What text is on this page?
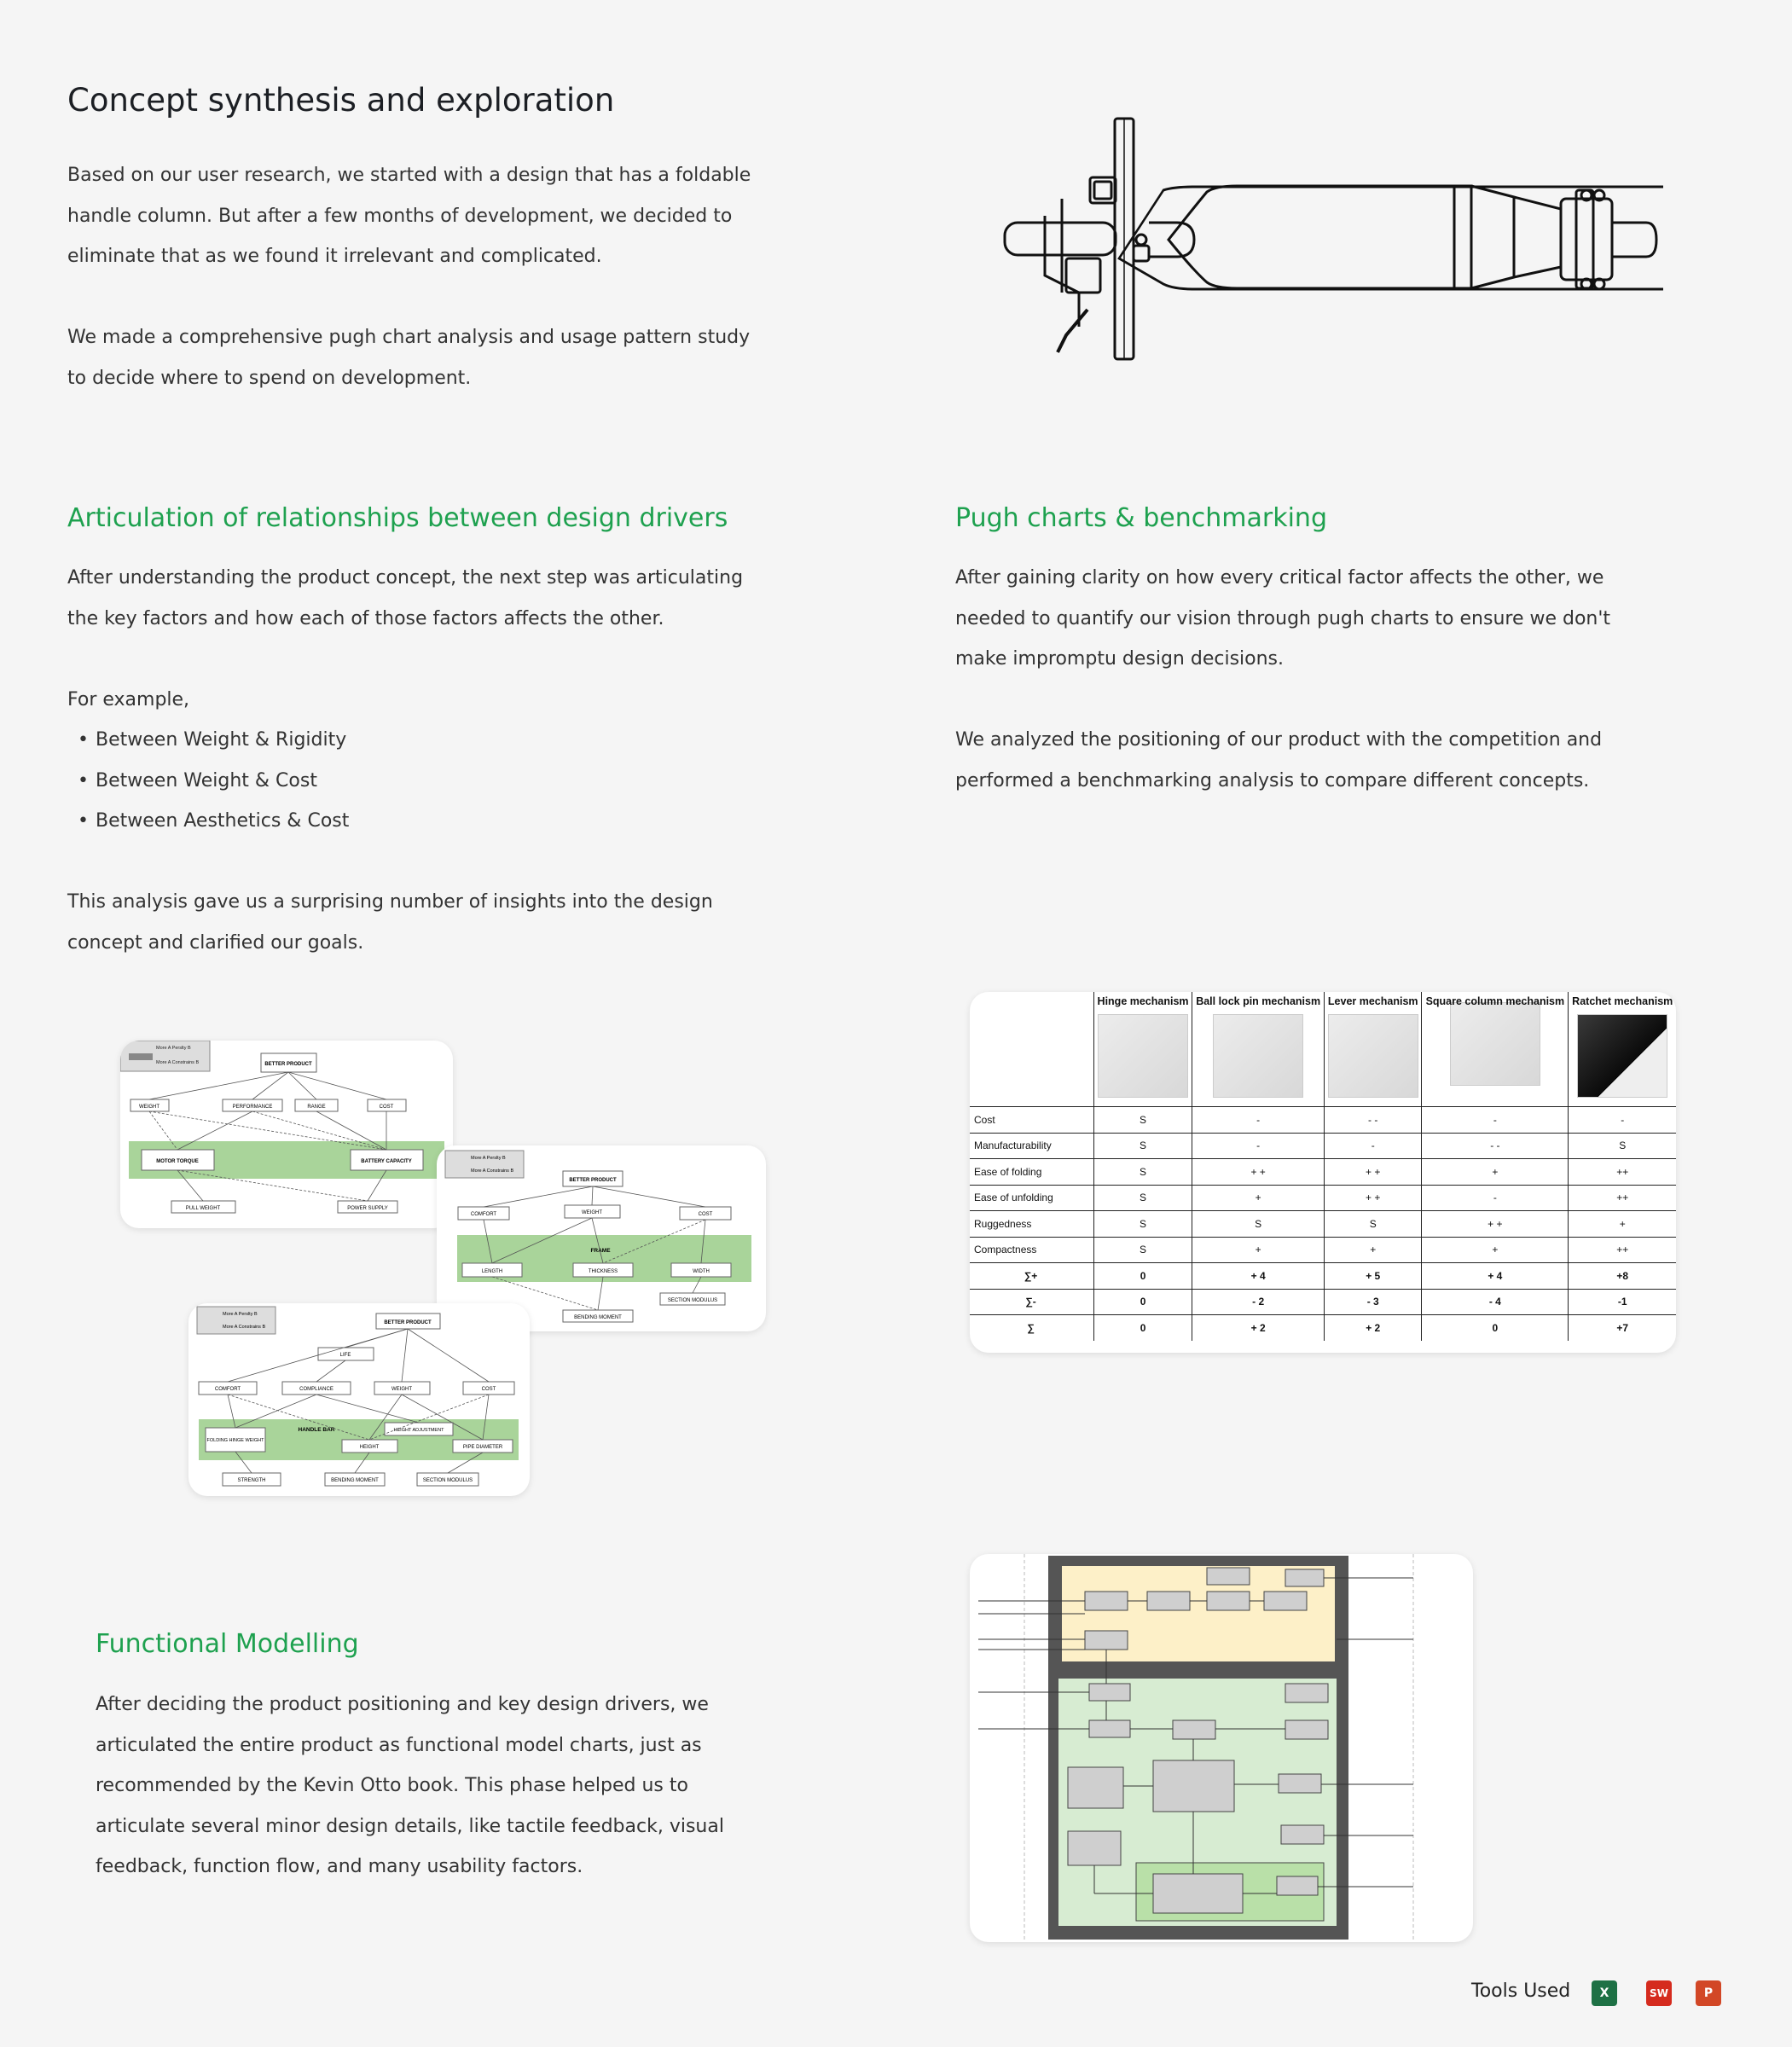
Concept synthesis and exploration

Based on our user research, we started with a design that has a foldable handle column. But after a few months of development, we decided to eliminate that as we found it irrelevant and complicated.

We made a comprehensive pugh chart analysis and usage pattern study to decide where to spend on development.

Articulation of relationships between design drivers

After understanding the product concept, the next step was articulating the key factors and how each of those factors affects the other.

For example,

• Between Weight & Rigidity
• Between Weight & Cost
• Between Aesthetics & Cost

This analysis gave us a surprising number of insights into the design concept and clarified our goals.

Pugh charts & benchmarking

After gaining clarity on how every critical factor affects the other, we needed to quantify our vision through pugh charts to ensure we don't make impromptu design decisions.

We analyzed the positioning of our product with the competition and performed a benchmarking analysis to compare different concepts.

More A Perslty B
More A Constrains B	BETTER PRODUCT
WEIGHT	PERFORMANCE	RANGE	COST
MOTOR TORQUE	BATTERY CAPACITY
PULL WEIGHT	POWER SUPPLY
More A Perslty B
More A Constrains B
BETTER PRODUCT
COMFORT	WEIGHT	COST
FRAME
LENGTH	THICKNESS	WIDTH
SECTION MODULUS
BENDING MOMENT
More A Perslty B
More A Constrains B
BETTER PRODUCT
LIFE
COMFORT	COMPLIANCE	WEIGHT	COST
HANDLE BAR
FOLDING HINGE WEIGHT
HEIGHT ADJUSTMENT
HEIGHT	PIPE DIAMETER
STRENGTH	BENDING MOMENT	SECTION MODULUS

	Hinge mechanism	Ball lock pin mechanism	Lever mechanism	Square column mechanism	Ratchet mechanism

Cost	S	-	- -	-	-
Manufacturability	S	-	-	- -	S
Ease of folding	S	+ +	+ +	+	++
Ease of unfolding	S	+	+ +	-	++
Ruggedness	S	S	S	+ +	+
Compactness	S	+	+	+	++
∑+	0	+ 4	+ 5	+ 4	+8
∑-	0	- 2	- 3	- 4	-1
∑	0	+ 2	+ 2	0	+7
Functional Modelling

After deciding the product positioning and key design drivers, we articulated the entire product as functional model charts, just as recommended by the Kevin Otto book. This phase helped us to articulate several minor design details, like tactile feedback, visual feedback, function flow, and many usability factors.

Tools Used X	SW	P
